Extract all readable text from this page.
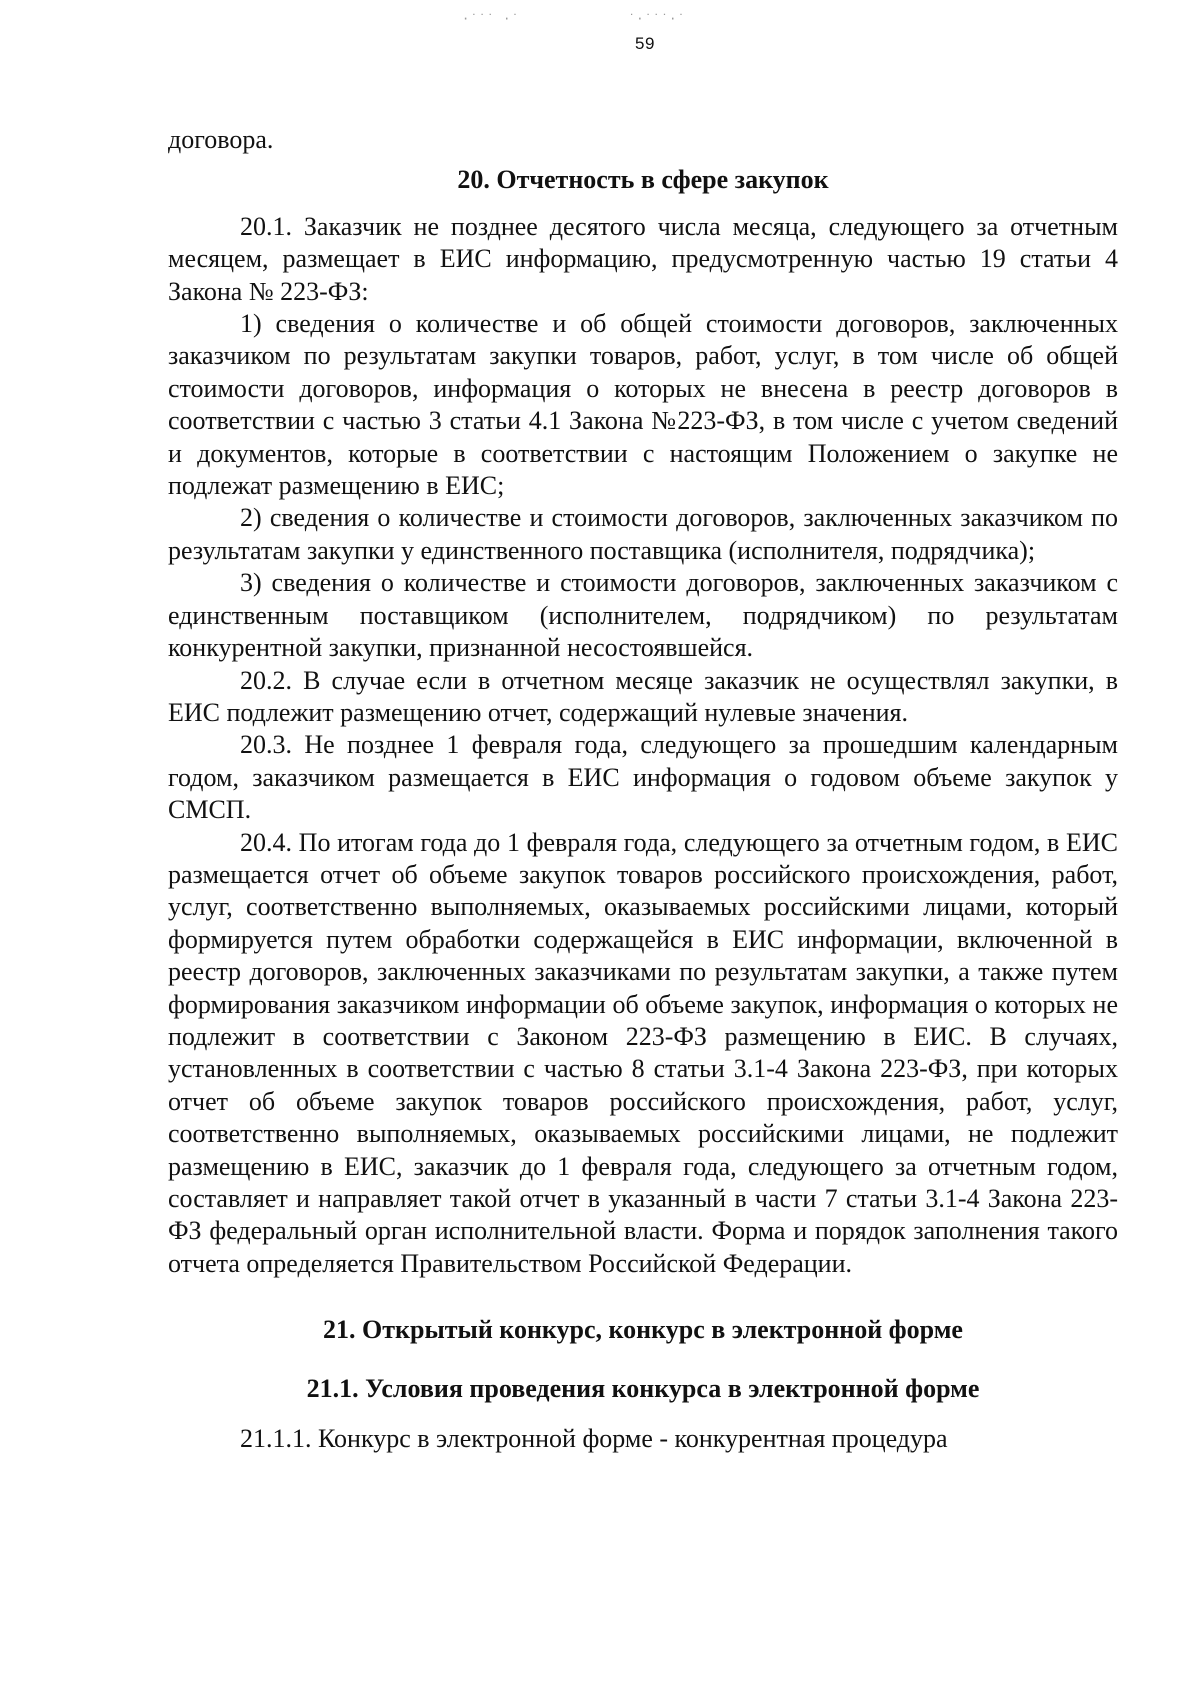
·˙˙˙ ·˙	˙·˙˙˙·˙
59

договора.

20. Отчетность в сфере закупок

20.1. Заказчик не позднее десятого числа месяца, следующего за отчетным месяцем, размещает в ЕИС информацию, предусмотренную частью 19 статьи 4 Закона № 223-ФЗ:

1) сведения о количестве и об общей стоимости договоров, заключенных заказчиком по результатам закупки товаров, работ, услуг, в том числе об общей стоимости договоров, информация о которых не внесена в реестр договоров в соответствии с частью 3 статьи 4.1 Закона №223-ФЗ, в том числе с учетом сведений и документов, которые в соответствии с настоящим Положением о закупке не подлежат размещению в ЕИС;

2) сведения о количестве и стоимости договоров, заключенных заказчиком по результатам закупки у единственного поставщика (исполнителя, подрядчика);

3) сведения о количестве и стоимости договоров, заключенных заказчиком с единственным поставщиком (исполнителем, подрядчиком) по результатам конкурентной закупки, признанной несостоявшейся.

20.2. В случае если в отчетном месяце заказчик не осуществлял закупки, в ЕИС подлежит размещению отчет, содержащий нулевые значения.

20.3. Не позднее 1 февраля года, следующего за прошедшим календарным годом, заказчиком размещается в ЕИС информация о годовом объеме закупок у СМСП.

20.4. По итогам года до 1 февраля года, следующего за отчетным годом, в ЕИС размещается отчет об объеме закупок товаров российского происхождения, работ, услуг, соответственно выполняемых, оказываемых российскими лицами, который формируется путем обработки содержащейся в ЕИС информации, включенной в реестр договоров, заключенных заказчиками по результатам закупки, а также путем формирования заказчиком информации об объеме закупок, информация о которых не подлежит в соответствии с Законом 223-ФЗ размещению в ЕИС. В случаях, установленных в соответствии с частью 8 статьи 3.1-4 Закона 223-ФЗ, при которых отчет об объеме закупок товаров российского происхождения, работ, услуг, соответственно выполняемых, оказываемых российскими лицами, не подлежит размещению в ЕИС, заказчик до 1 февраля года, следующего за отчетным годом, составляет и направляет такой отчет в указанный в части 7 статьи 3.1-4 Закона 223-ФЗ федеральный орган исполнительной власти. Форма и порядок заполнения такого отчета определяется Правительством Российской Федерации.

21. Открытый конкурс, конкурс в электронной форме

21.1. Условия проведения конкурса в электронной форме

21.1.1. Конкурс в электронной форме - конкурентная процедура
